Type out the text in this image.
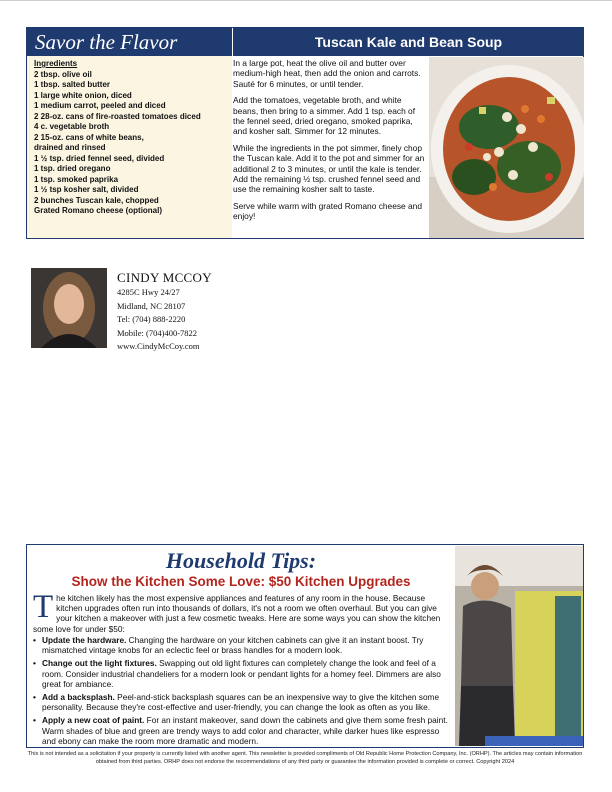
Savor the Flavor	Tuscan Kale and Bean Soup
Ingredients
2 tbsp. olive oil
1 tbsp. salted butter
1 large white onion, diced
1 medium carrot, peeled and diced
2 28-oz. cans of fire-roasted tomatoes diced
4 c. vegetable broth
2 15-oz. cans of white beans,
drained and rinsed
1 ½ tsp. dried fennel seed, divided
1 tsp. dried oregano
1 tsp. smoked paprika
1 ½ tsp kosher salt, divided
2 bunches Tuscan kale, chopped
Grated Romano cheese (optional)

In a large pot, heat the olive oil and butter over medium-high heat, then add the onion and carrots. Sauté for 6 minutes, or until tender.

Add the tomatoes, vegetable broth, and white beans, then bring to a simmer. Add 1 tsp. each of the fennel seed, dried oregano, smoked paprika, and kosher salt. Simmer for 12 minutes.

While the ingredients in the pot simmer, finely chop the Tuscan kale. Add it to the pot and simmer for an additional 2 to 3 minutes, or until the kale is tender. Add the remaining ½ tsp. crushed fennel seed and use the remaining kosher salt to taste.

Serve while warm with grated Romano cheese and enjoy!

CINDY MCCOY
4285C Hwy 24/27
Midland, NC 28107
Tel: (704) 888-2220
Mobile: (704)400-7822
www.CindyMcCoy.com
Household Tips:
Show the Kitchen Some Love: $50 Kitchen Upgrades
The kitchen likely has the most expensive appliances and features of any room in the house. Because kitchen upgrades often run into thousands of dollars, it's not a room we often overhaul. But you can give your kitchen a makeover with just a few cosmetic tweaks. Here are some ways you can show the kitchen some love for under $50:
• Update the hardware. Changing the hardware on your kitchen cabinets can give it an instant boost. Try mismatched vintage knobs for an eclectic feel or brass handles for a modern look.
• Change out the light fixtures. Swapping out old light fixtures can completely change the look and feel of a room. Consider industrial chandeliers for a modern look or pendant lights for a homey feel. Dimmers are also great for ambiance.
• Add a backsplash. Peel-and-stick backsplash squares can be an inexpensive way to give the kitchen some personality. Because they're cost-effective and user-friendly, you can change the look as often as you like.
• Apply a new coat of paint. For an instant makeover, sand down the cabinets and give them some fresh paint. Warm shades of blue and green are trendy ways to add color and character, while darker hues like espresso and ebony can make the room more dramatic and modern.
This is not intended as a solicitation if your property is currently listed with another agent. This newsletter is provided compliments of Old Republic Home Protection Company, Inc. (ORHP). The articles may contain information obtained from third parties. ORHP does not endorse the recommendations of any third party or guarantee the information provided is complete or correct. Copyright 2024
